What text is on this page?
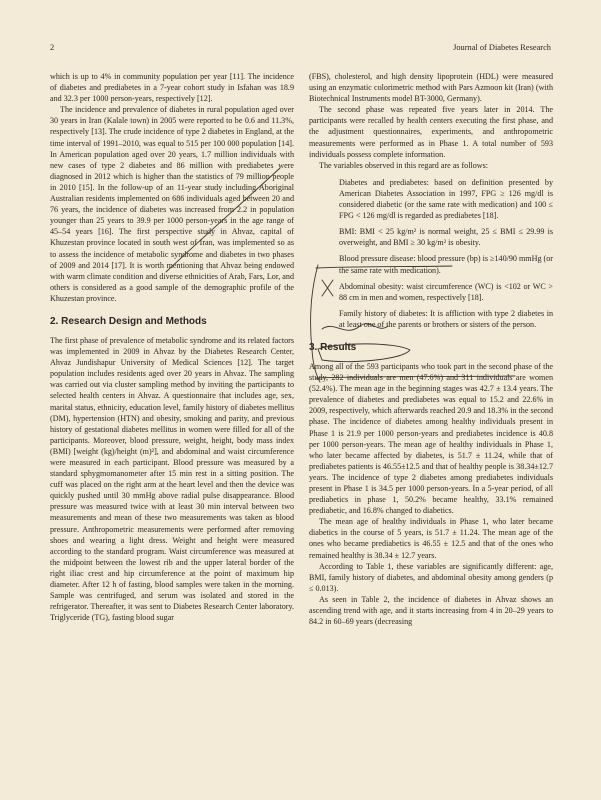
2	Journal of Diabetes Research

which is up to 4% in community population per year [11]. The incidence of diabetes and prediabetes in a 7-year cohort study in Isfahan was 18.9 and 32.3 per 1000 person-years, respectively [12].

The incidence and prevalence of diabetes in rural population aged over 30 years in Iran (Kalale town) in 2005 were reported to be 0.6 and 11.3%, respectively [13]. The crude incidence of type 2 diabetes in England, at the time interval of 1991–2010, was equal to 515 per 100 000 population [14]. In American population aged over 20 years, 1.7 million individuals with new cases of type 2 diabetes and 86 million with prediabetes were diagnosed in 2012 which is higher than the statistics of 79 million people in 2010 [15]. In the follow-up of an 11-year study including Aboriginal Australian residents implemented on 686 individuals aged between 20 and 76 years, the incidence of diabetes was increased from 2.2 in population younger than 25 years to 39.9 per 1000 person-years in the age range of 45–54 years [16]. The first perspective study in Ahvaz, capital of Khuzestan province located in south west of Iran, was implemented so as to assess the incidence of metabolic syndrome and diabetes in two phases of 2009 and 2014 [17]. It is worth mentioning that Ahvaz being endowed with warm climate condition and diverse ethnicities of Arab, Fars, Lor, and others is considered as a good sample of the demographic profile of the Khuzestan province.

2. Research Design and Methods

The first phase of prevalence of metabolic syndrome and its related factors was implemented in 2009 in Ahvaz by the Diabetes Research Center, Ahvaz Jundishapur University of Medical Sciences [12]. The target population includes residents aged over 20 years in Ahvaz. The sampling was carried out via cluster sampling method by inviting the participants to selected health centers in Ahvaz. A questionnaire that includes age, sex, marital status, ethnicity, education level, family history of diabetes mellitus (DM), hypertension (HTN) and obesity, smoking and parity, and previous history of gestational diabetes mellitus in women were filled for all of the participants. Moreover, blood pressure, weight, height, body mass index (BMI) [weight (kg)/height (m)²], and abdominal and waist circumference were measured in each participant. Blood pressure was measured by a standard sphygmomanometer after 15 min rest in a sitting position. The cuff was placed on the right arm at the heart level and then the device was quickly pushed until 30 mmHg above radial pulse disappearance. Blood pressure was measured twice with at least 30 min interval between two measurements and mean of these two measurements was taken as blood pressure. Anthropometric measurements were performed after removing shoes and wearing a light dress. Weight and height were measured according to the standard program. Waist circumference was measured at the midpoint between the lowest rib and the upper lateral border of the right iliac crest and hip circumference at the point of maximum hip diameter. After 12 h of fasting, blood samples were taken in the morning. Sample was centrifuged, and serum was isolated and stored in the refrigerator. Thereafter, it was sent to Diabetes Research Center laboratory. Triglyceride (TG), fasting blood sugar

(FBS), cholesterol, and high density lipoprotein (HDL) were measured using an enzymatic colorimetric method with Pars Azmoon kit (Iran) (with Biotechnical Instruments model BT-3000, Germany).

The second phase was repeated five years later in 2014. The participants were recalled by health centers executing the first phase, and the adjustment questionnaires, experiments, and anthropometric measurements were performed as in Phase 1. A total number of 593 individuals possess complete information.

The variables observed in this regard are as follows:

Diabetes and prediabetes: based on definition presented by American Diabetes Association in 1997, FPG ≥ 126 mg/dl is considered diabetic (or the same rate with medication) and 100 ≤ FPG < 126 mg/dl is regarded as prediabetes [18].
BMI: BMI < 25 kg/m² is normal weight, 25 ≤ BMI ≤ 29.99 is overweight, and BMI ≥ 30 kg/m² is obesity.
Blood pressure disease: blood pressure (bp) is ≥140/90 mmHg (or the same rate with medication).
Abdominal obesity: waist circumference (WC) is <102 or WC > 88 cm in men and women, respectively [18].
Family history of diabetes: It is affliction with type 2 diabetes in at least one of the parents or brothers or sisters of the person.
3. Results

Among all of the 593 participants who took part in the second phase of the study, 282 individuals are men (47.6%) and 311 individuals are women (52.4%). The mean age in the beginning stages was 42.7 ± 13.4 years. The prevalence of diabetes and prediabetes was equal to 15.2 and 22.6% in 2009, respectively, which afterwards reached 20.9 and 18.3% in the second phase. The incidence of diabetes among healthy individuals present in Phase 1 is 21.9 per 1000 person-years and prediabetes incidence is 40.8 per 1000 person-years. The mean age of healthy individuals in Phase 1, who later became affected by diabetes, is 51.7 ± 11.24, while that of prediabetes patients is 46.55±12.5 and that of healthy people is 38.34±12.7 years. The incidence of type 2 diabetes among prediabetes individuals present in Phase 1 is 34.5 per 1000 person-years. In a 5-year period, of all prediabetics in phase 1, 50.2% became healthy, 33.1% remained prediabetic, and 16.8% changed to diabetics.

The mean age of healthy individuals in Phase 1, who later became diabetics in the course of 5 years, is 51.7 ± 11.24. The mean age of the ones who became prediabetics is 46.55 ± 12.5 and that of the ones who remained healthy is 38.34 ± 12.7 years.

According to Table 1, these variables are significantly different: age, BMI, family history of diabetes, and abdominal obesity among genders (p ≤ 0.013).

As seen in Table 2, the incidence of diabetes in Ahvaz shows an ascending trend with age, and it starts increasing from 4 in 20–29 years to 84.2 in 60–69 years (decreasing
